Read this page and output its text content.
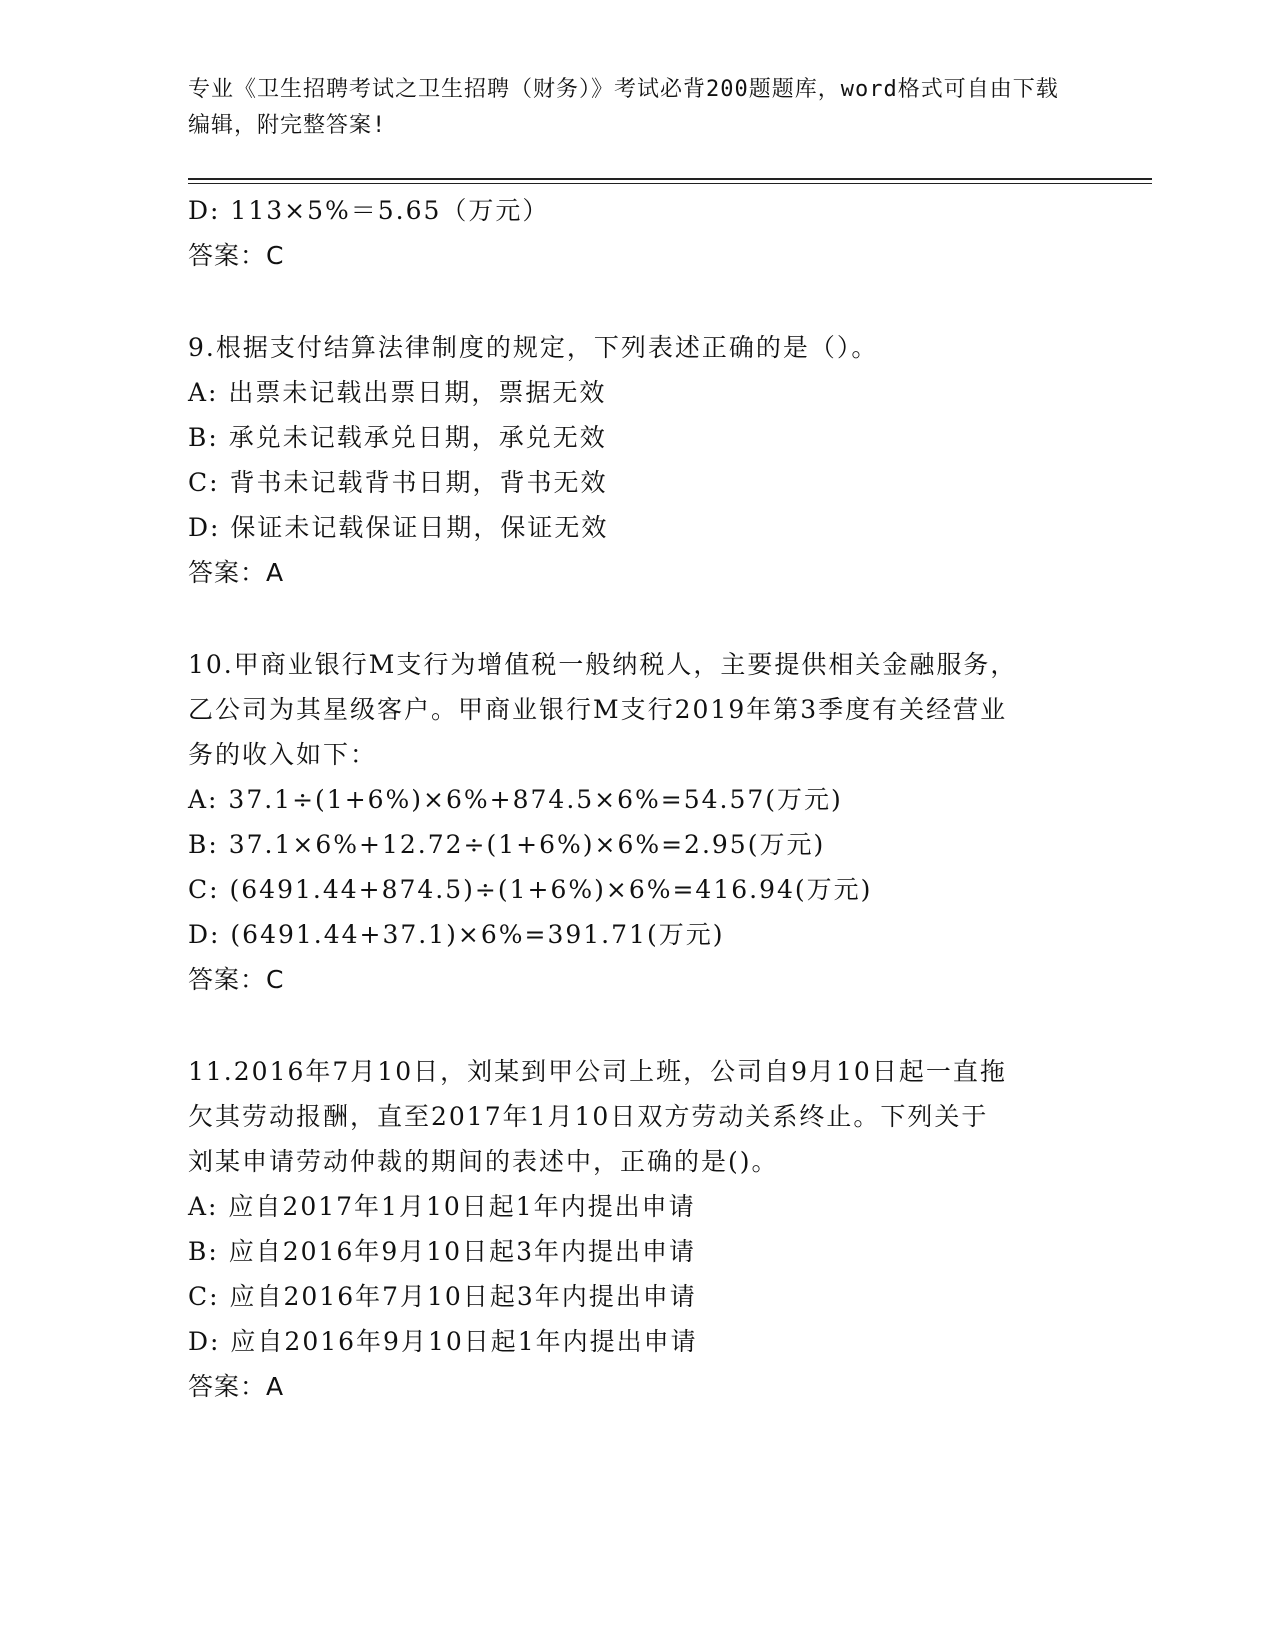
专业《卫生招聘考试之卫生招聘（财务）》考试必背200题题库，word格式可自由下载编辑，附完整答案!
D: 113×5%＝5.65（万元）
答案：C
9.根据支付结算法律制度的规定，下列表述正确的是（）。
A: 出票未记载出票日期，票据无效
B: 承兑未记载承兑日期，承兑无效
C: 背书未记载背书日期，背书无效
D: 保证未记载保证日期，保证无效
答案：A
10.甲商业银行M支行为增值税一般纳税人，主要提供相关金融服务，
乙公司为其星级客户。甲商业银行M支行2019年第3季度有关经营业
务的收入如下：
A: 37.1÷(1+6%)×6%+874.5×6%=54.57(万元)
B: 37.1×6%+12.72÷(1+6%)×6%=2.95(万元)
C: (6491.44+874.5)÷(1+6%)×6%=416.94(万元)
D: (6491.44+37.1)×6%=391.71(万元)
答案：C
11.2016年7月10日，刘某到甲公司上班，公司自9月10日起一直拖
欠其劳动报酬，直至2017年1月10日双方劳动关系终止。下列关于
刘某申请劳动仲裁的期间的表述中，正确的是()。
A: 应自2017年1月10日起1年内提出申请
B: 应自2016年9月10日起3年内提出申请
C: 应自2016年7月10日起3年内提出申请
D: 应自2016年9月10日起1年内提出申请
答案：A
